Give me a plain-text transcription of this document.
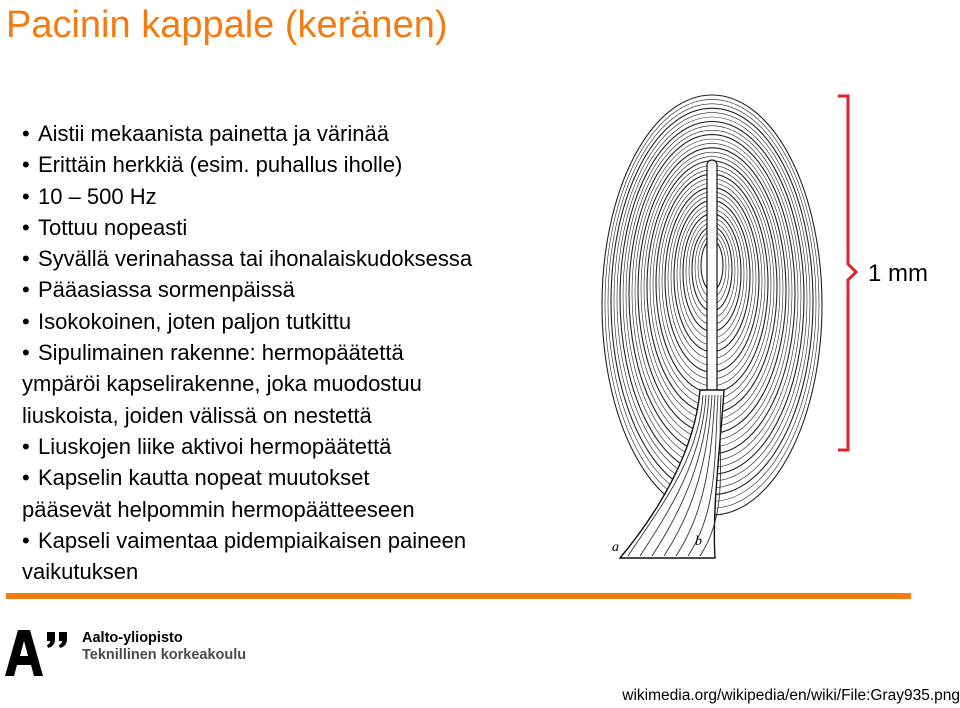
Pacinin kappale (keränen)
• Aistii mekaanista painetta ja värinää
• Erittäin herkkiä (esim. puhallus iholle)
• 10 – 500 Hz
• Tottuu nopeasti
• Syvällä verinahassa tai ihonalaiskudoksessa
• Pääasiassa sormenpäissä
• Isokokoinen, joten paljon tutkittu
• Sipulimainen rakenne: hermopäätettä
ympäröi kapselirakenne, joka muodostuu liuskoista, joiden välissä on nestettä
• Liuskojen liike aktivoi hermopäätettä
• Kapselin kautta nopeat muutokset
pääsevät helpommin hermopäätteeseen
• Kapseli vaimentaa pidempiaikaisen paineen
vaikutuksen
1 mm
a	b
Aalto-yliopisto
Teknillinen korkeakoulu
wikimedia.org/wikipedia/en/wiki/File:Gray935.png
